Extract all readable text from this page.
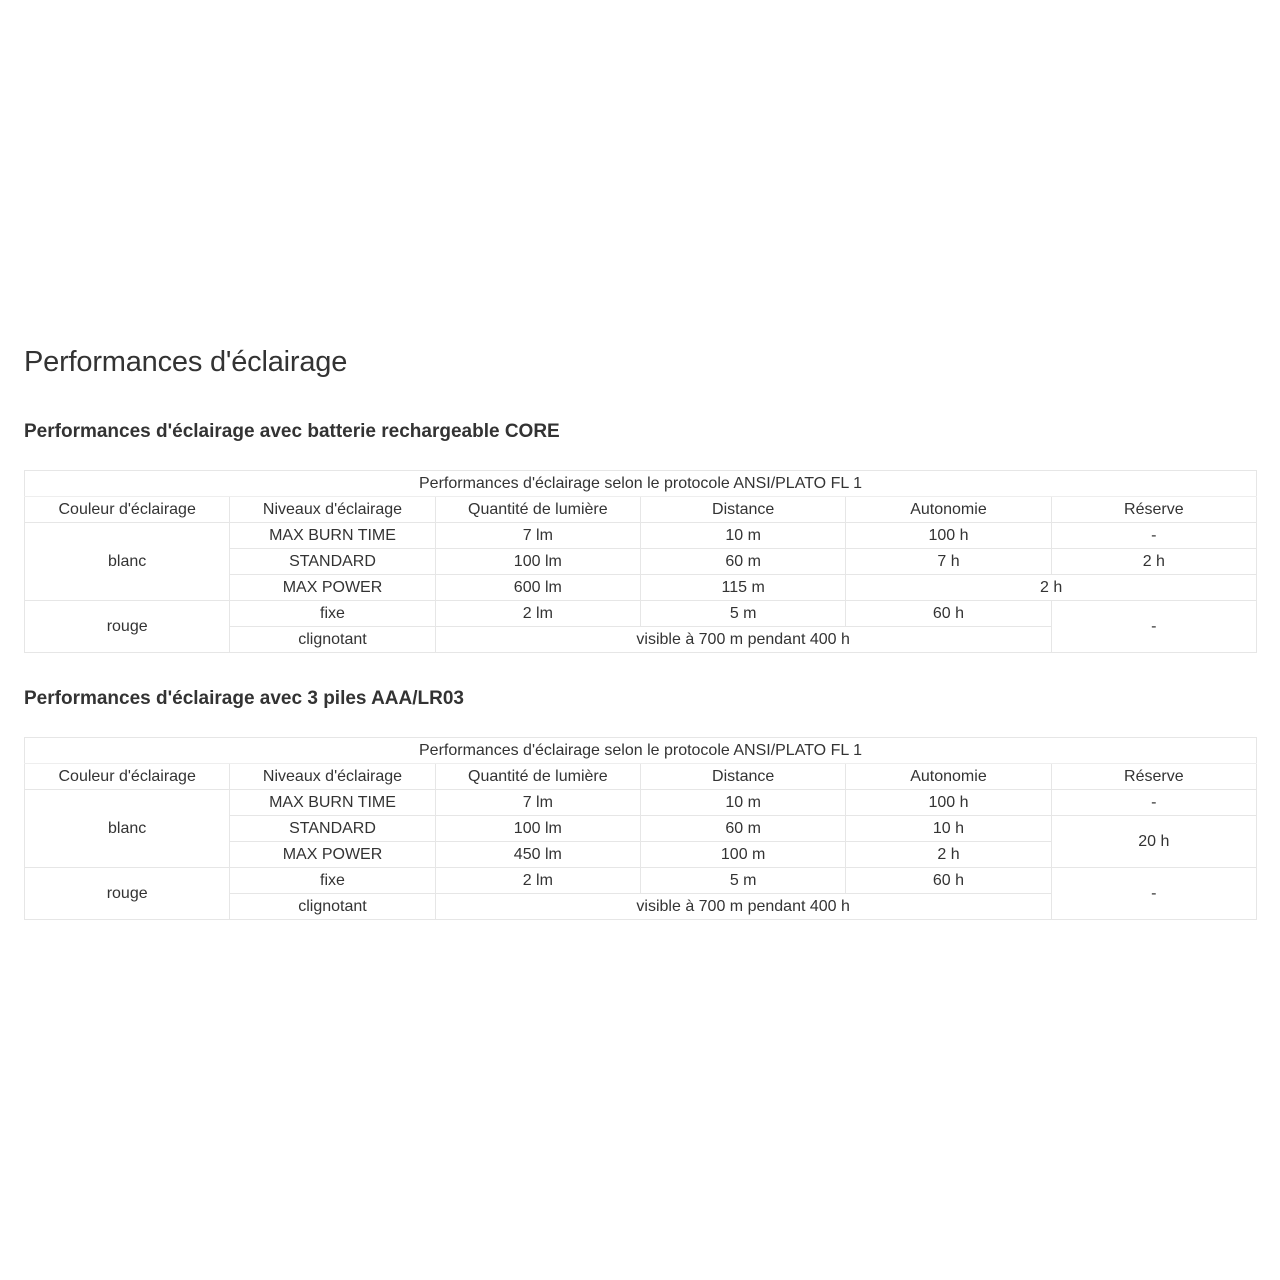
Performances d'éclairage
Performances d'éclairage avec batterie rechargeable CORE
Performances d'éclairage selon le protocole ANSI/PLATO FL 1					
Couleur d'éclairage	Niveaux d'éclairage	Quantité de lumière	Distance	Autonomie	Réserve
blanc	MAX BURN TIME	7 lm	10 m	100 h	-
	STANDARD	100 lm	60 m	7 h	2 h
	MAX POWER	600 lm	115 m	2 h	
rouge	fixe	2 lm	5 m	60 h	-
	clignotant	visible à 700 m pendant 400 h			
Performances d'éclairage avec 3 piles AAA/LR03
Performances d'éclairage selon le protocole ANSI/PLATO FL 1					
Couleur d'éclairage	Niveaux d'éclairage	Quantité de lumière	Distance	Autonomie	Réserve
blanc	MAX BURN TIME	7 lm	10 m	100 h	-
	STANDARD	100 lm	60 m	10 h	20 h
	MAX POWER	450 lm	100 m	2 h	
rouge	fixe	2 lm	5 m	60 h	-
	clignotant	visible à 700 m pendant 400 h			
